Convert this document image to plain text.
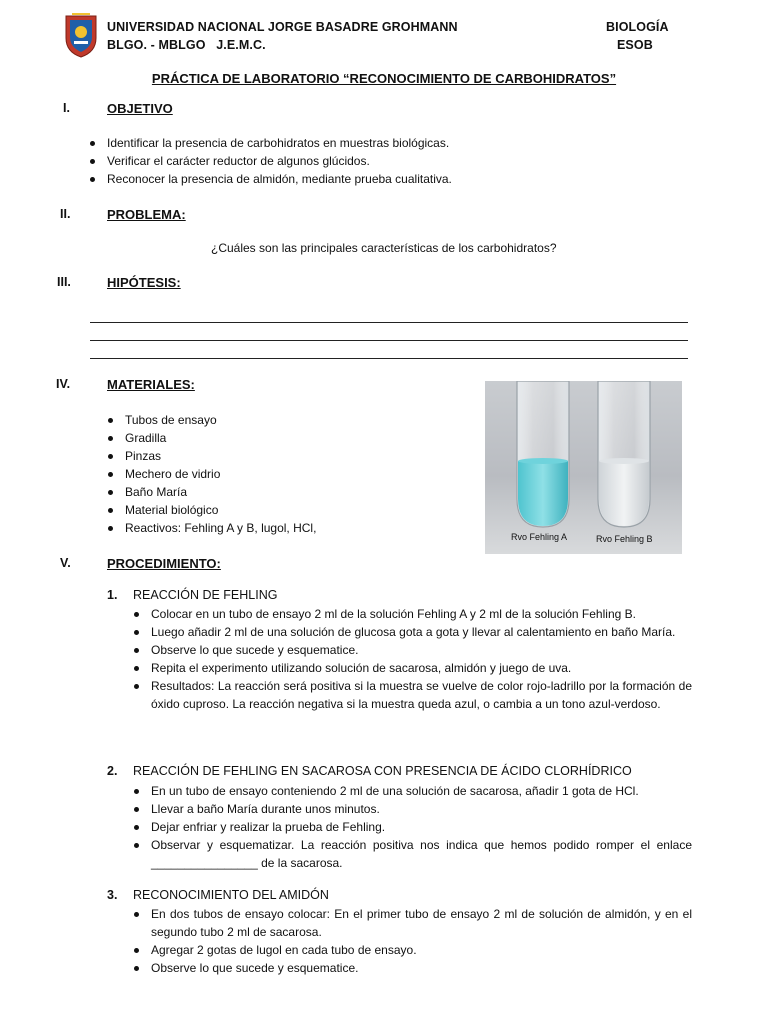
UNIVERSIDAD NACIONAL JORGE BASADRE GROHMANN
BLGO. - MBLGO   J.E.M.C.
BIOLOGÍA
ESOB
PRÁCTICA DE LABORATORIO “RECONOCIMIENTO DE CARBOHIDRATOS”
I.	OBJETIVO
Identificar la presencia de carbohidratos en muestras biológicas.
Verificar el carácter reductor de algunos glúcidos.
Reconocer la presencia de almidón, mediante prueba cualitativa.
II.	PROBLEMA:
¿Cuáles son las principales características de los carbohidratos?
III.	HIPÓTESIS:
IV.	MATERIALES:
Tubos de ensayo
Gradilla
Pinzas
Mechero de vidrio
Baño María
Material biológico
Reactivos: Fehling A y B, lugol, HCl,
Rvo Fehling A	Rvo Fehling B
V.	PROCEDIMIENTO:
1. REACCIÓN DE FEHLING
Colocar en un tubo de ensayo 2 ml de la solución Fehling A y 2 ml de la solución Fehling B.
Luego añadir 2 ml de una solución de glucosa gota a gota y llevar al calentamiento en baño María.
Observe lo que sucede y esquematice.
Repita el experimento utilizando solución de sacarosa, almidón y juego de uva.
Resultados: La reacción será positiva si la muestra se vuelve de color rojo-ladrillo por la formación de óxido cuproso. La reacción negativa si la muestra queda azul, o cambia a un tono azul-verdoso.
2. REACCIÓN DE FEHLING EN SACAROSA CON PRESENCIA DE ÁCIDO CLORHÍDRICO
En un tubo de ensayo conteniendo 2 ml de una solución de sacarosa, añadir 1 gota de HCl.
Llevar a baño María durante unos minutos.
Dejar enfriar y realizar la prueba de Fehling.
Observar y esquematizar. La reacción positiva nos indica que hemos podido romper el enlace ________________ de la sacarosa.
3. RECONOCIMIENTO DEL AMIDÓN
En dos tubos de ensayo colocar: En el primer tubo de ensayo 2 ml de solución de almidón, y en el segundo tubo 2 ml de sacarosa.
Agregar 2 gotas de lugol en cada tubo de ensayo.
Observe lo que sucede y esquematice.
